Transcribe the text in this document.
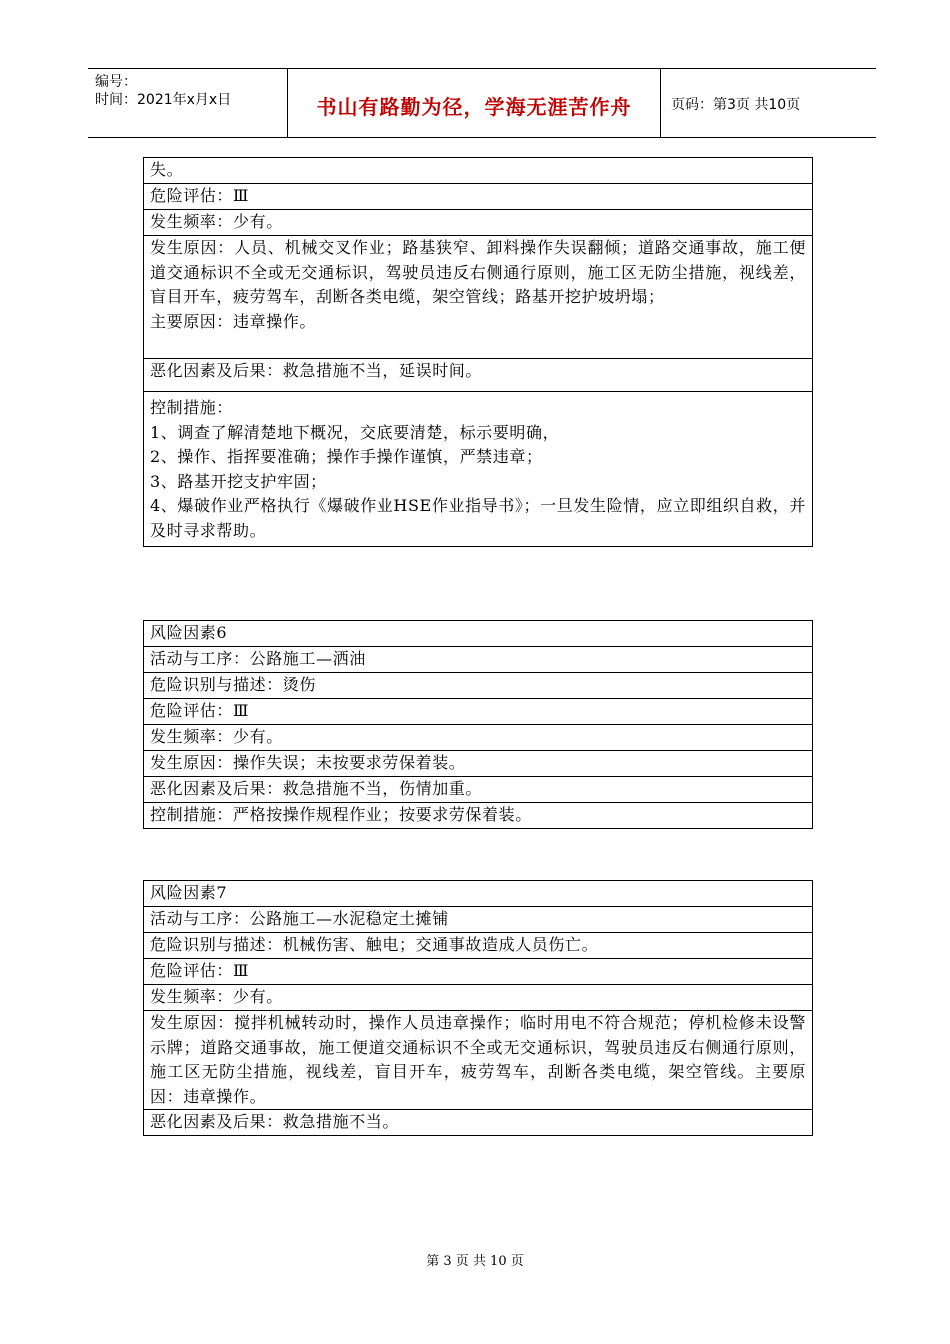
编号：
时间：2021年x月x日	书山有路勤为径，学海无涯苦作舟	页码：第3页 共10页
失。
危险评估：Ⅲ
发生频率：少有。

发生原因：人员、机械交叉作业；路基狭窄、卸料操作失误翻倾；道路交通事故，施工便道交通标识不全或无交通标识，驾驶员违反右侧通行原则，施工区无防尘措施，视线差，盲目开车，疲劳驾车，刮断各类电缆，架空管线；路基开挖护坡坍塌；
主要原因：违章操作。

恶化因素及后果：救急措施不当，延误时间。

控制措施：
1、调查了解清楚地下概况，交底要清楚，标示要明确，
2、操作、指挥要准确；操作手操作谨慎，严禁违章；
3、路基开挖支护牢固；
4、爆破作业严格执行《爆破作业HSE作业指导书》；一旦发生险情，应立即组织自救，并及时寻求帮助。
风险因素6
活动与工序：公路施工—洒油
危险识别与描述：烫伤
危险评估：Ⅲ
发生频率：少有。
发生原因：操作失误；未按要求劳保着装。
恶化因素及后果：救急措施不当，伤情加重。
控制措施：严格按操作规程作业；按要求劳保着装。
风险因素7
活动与工序：公路施工—水泥稳定土摊铺
危险识别与描述：机械伤害、触电；交通事故造成人员伤亡。
危险评估：Ⅲ
发生频率：少有。
发生原因：搅拌机械转动时，操作人员违章操作；临时用电不符合规范；停机检修未设警示牌；道路交通事故，施工便道交通标识不全或无交通标识，驾驶员违反右侧通行原则，施工区无防尘措施，视线差，盲目开车，疲劳驾车，刮断各类电缆，架空管线。主要原因：违章操作。
恶化因素及后果：救急措施不当。
第 3 页 共 10 页
